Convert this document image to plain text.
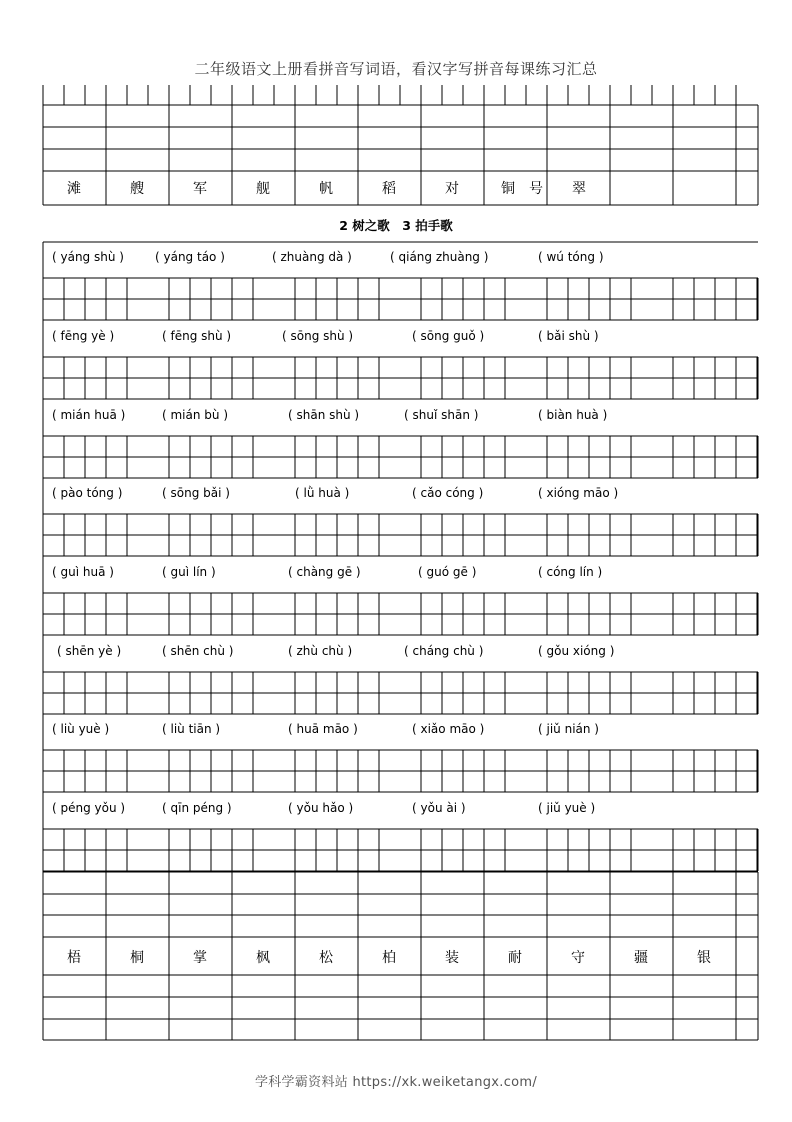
二年级语文上册看拼音写词语，看汉字写拼音每课练习汇总
滩	艘	军	舰	帆	稻	对	铜	号	翠
2 树之歌　3 拍手歌
( yáng shù )	( yáng táo )	( zhuàng dà )	( qiáng zhuàng )	( wú tóng )
( fēng yè )	( fēng shù )	( sōng shù )	( sōng guǒ )	( bǎi shù )
( mián huā )	( mián bù )	( shān shù )	( shuǐ shān )	( biàn huà )
( pào tóng )	( sōng bǎi )	( lǜ huà )	( cǎo cóng )	( xióng māo )
( guì huā )	( guì lín )	( chàng gē )	( guó gē )	( cóng lín )
( shēn yè )	( shēn chù )	( zhù chù )	( cháng chù )	( gǒu xióng )
( liù yuè )	( liù tiān )	( huā māo )	( xiǎo māo )	( jiǔ nián )
( péng yǒu )	( qīn péng )	( yǒu hǎo )	( yǒu ài )	( jiǔ yuè )
梧	桐	掌	枫	松	柏	装	耐	守	疆	银
学科学霸资料站 https://xk.weiketangx.com/
